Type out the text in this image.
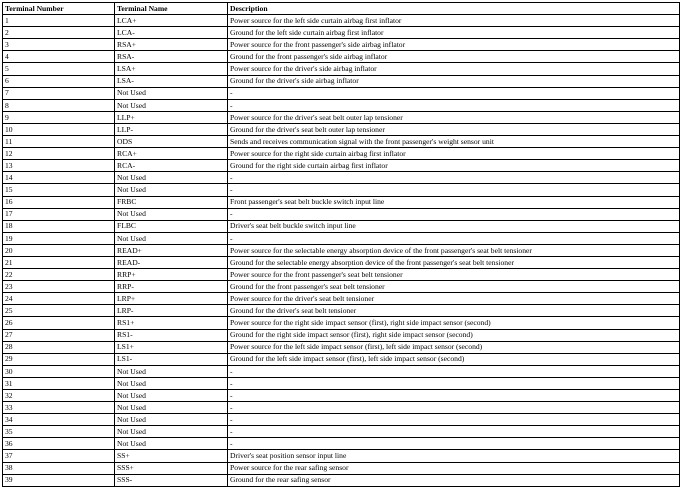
Terminal Number	Terminal Name	Description
1	LCA+	Power source for the left side curtain airbag first inflator
2	LCA-	Ground for the left side curtain airbag first inflator
3	RSA+	Power source for the front passenger's side airbag inflator
4	RSA-	Ground for the front passenger's side airbag inflator
5	LSA+	Power source for the driver's side airbag inflator
6	LSA-	Ground for the driver's side airbag inflator
7	Not Used	-
8	Not Used	-
9	LLP+	Power source for the driver's seat belt outer lap tensioner
10	LLP-	Ground for the driver's seat belt outer lap tensioner
11	ODS	Sends and receives communication signal with the front passenger's weight sensor unit
12	RCA+	Power source for the right side curtain airbag first inflator
13	RCA-	Ground for the right side curtain airbag first inflator
14	Not Used	-
15	Not Used	-
16	FRBC	Front passenger's seat belt buckle switch input line
17	Not Used	-
18	FLBC	Driver's seat belt buckle switch input line
19	Not Used	-
20	READ+	Power source for the selectable energy absorption device of the front passenger's seat belt tensioner
21	READ-	Ground for the selectable energy absorption device of the front passenger's seat belt tensioner
22	RRP+	Power source for the front passenger's seat belt tensioner
23	RRP-	Ground for the front passenger's seat belt tensioner
24	LRP+	Power source for the driver's seat belt tensioner
25	LRP-	Ground for the driver's seat belt tensioner
26	RS1+	Power source for the right side impact sensor (first), right side impact sensor (second)
27	RS1-	Ground for the right side impact sensor (first), right side impact sensor (second)
28	LS1+	Power source for the left side impact sensor (first), left side impact sensor (second)
29	LS1-	Ground for the left side impact sensor (first), left side impact sensor (second)
30	Not Used	-
31	Not Used	-
32	Not Used	-
33	Not Used	-
34	Not Used	-
35	Not Used	-
36	Not Used	-
37	SS+	Driver's seat position sensor input line
38	SSS+	Power source for the rear safing sensor
39	SSS-	Ground for the rear safing sensor
